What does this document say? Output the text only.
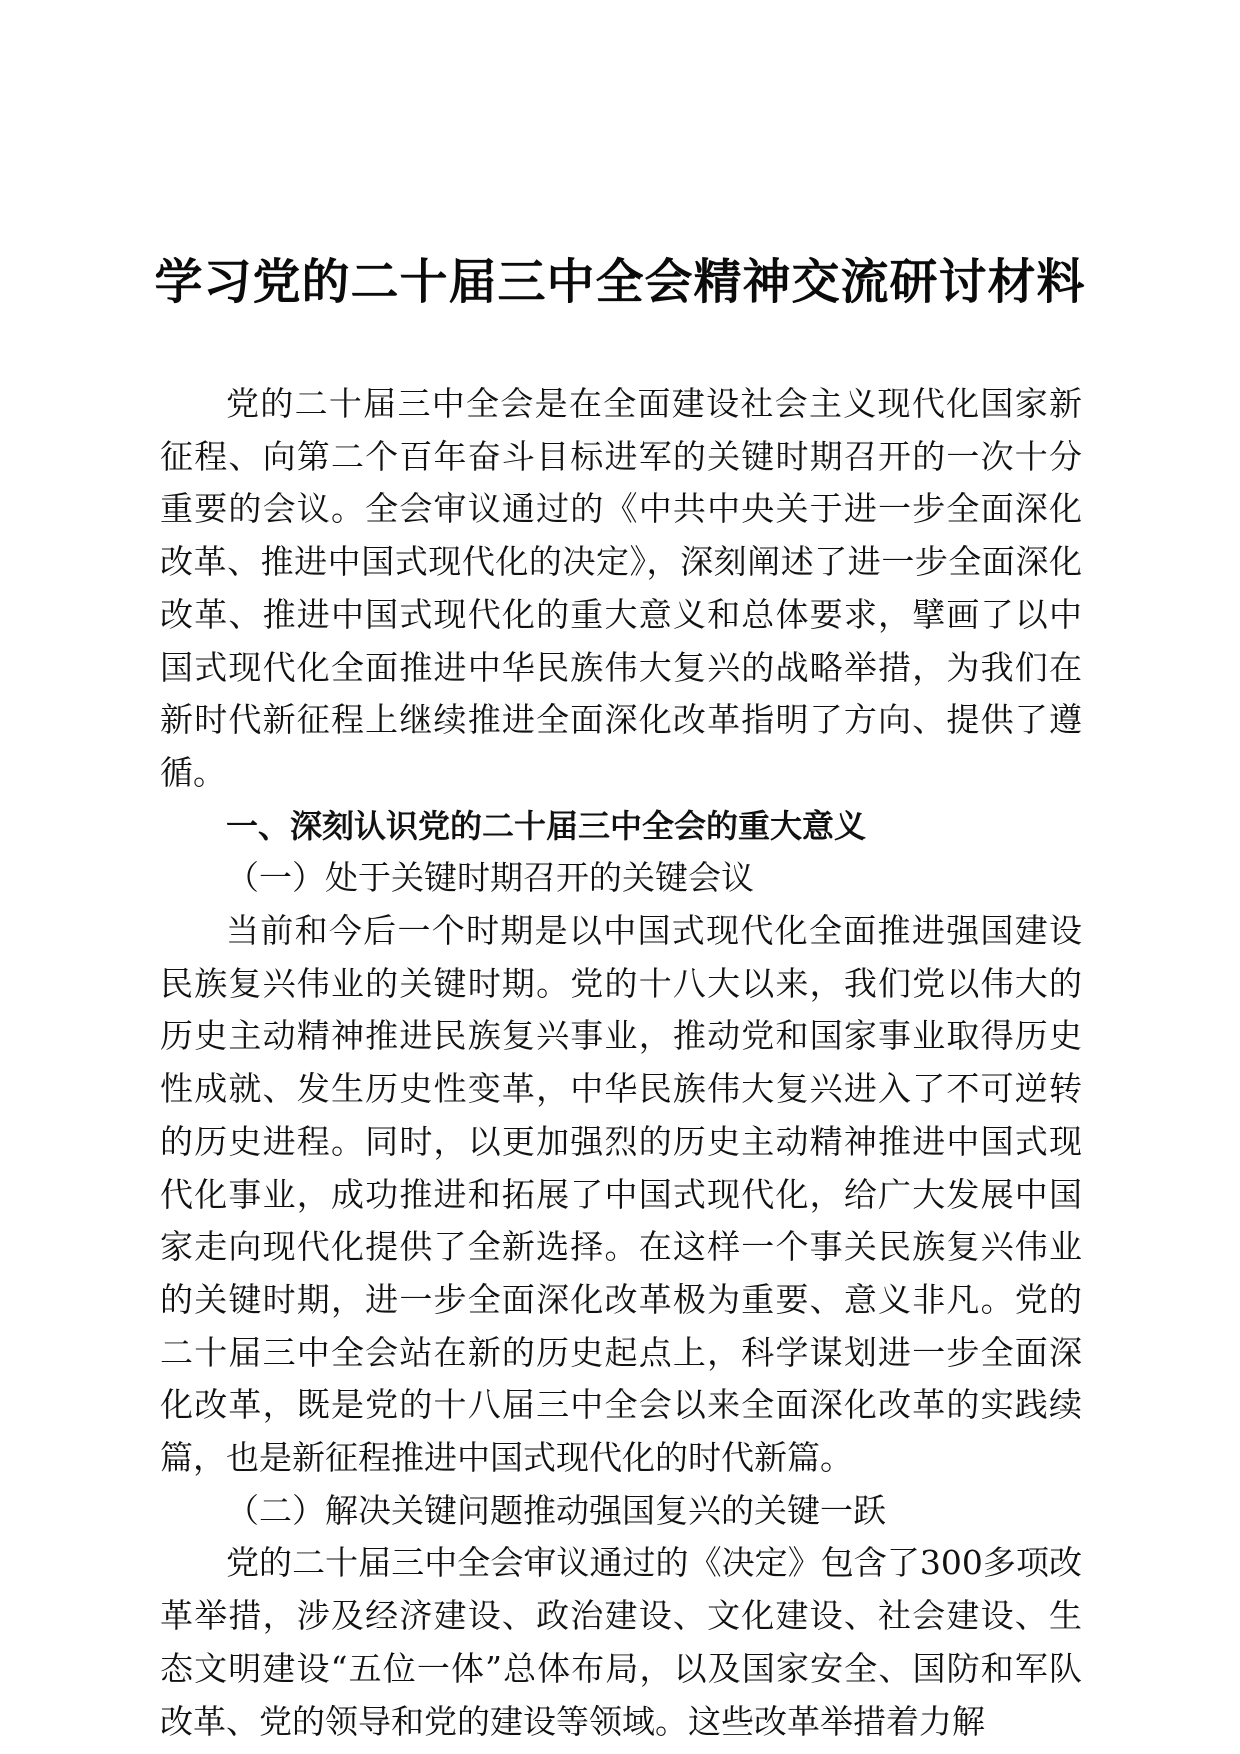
学习党的二十届三中全会精神交流研讨材料

党的二十届三中全会是在全面建设社会主义现代化国家新征程、向第二个百年奋斗目标进军的关键时期召开的一次十分重要的会议。全会审议通过的《中共中央关于进一步全面深化改革、推进中国式现代化的决定》，深刻阐述了进一步全面深化改革、推进中国式现代化的重大意义和总体要求，擘画了以中国式现代化全面推进中华民族伟大复兴的战略举措，为我们在新时代新征程上继续推进全面深化改革指明了方向、提供了遵循。

一、深刻认识党的二十届三中全会的重大意义

（一）处于关键时期召开的关键会议

当前和今后一个时期是以中国式现代化全面推进强国建设民族复兴伟业的关键时期。党的十八大以来，我们党以伟大的历史主动精神推进民族复兴事业，推动党和国家事业取得历史性成就、发生历史性变革，中华民族伟大复兴进入了不可逆转的历史进程。同时，以更加强烈的历史主动精神推进中国式现代化事业，成功推进和拓展了中国式现代化，给广大发展中国家走向现代化提供了全新选择。在这样一个事关民族复兴伟业的关键时期，进一步全面深化改革极为重要、意义非凡。党的二十届三中全会站在新的历史起点上，科学谋划进一步全面深化改革，既是党的十八届三中全会以来全面深化改革的实践续篇，也是新征程推进中国式现代化的时代新篇。

（二）解决关键问题推动强国复兴的关键一跃

党的二十届三中全会审议通过的《决定》包含了300多项改革举措，涉及经济建设、政治建设、文化建设、社会建设、生态文明建设“五位一体”总体布局，以及国家安全、国防和军队改革、党的领导和党的建设等领域。这些改革举措着力解
